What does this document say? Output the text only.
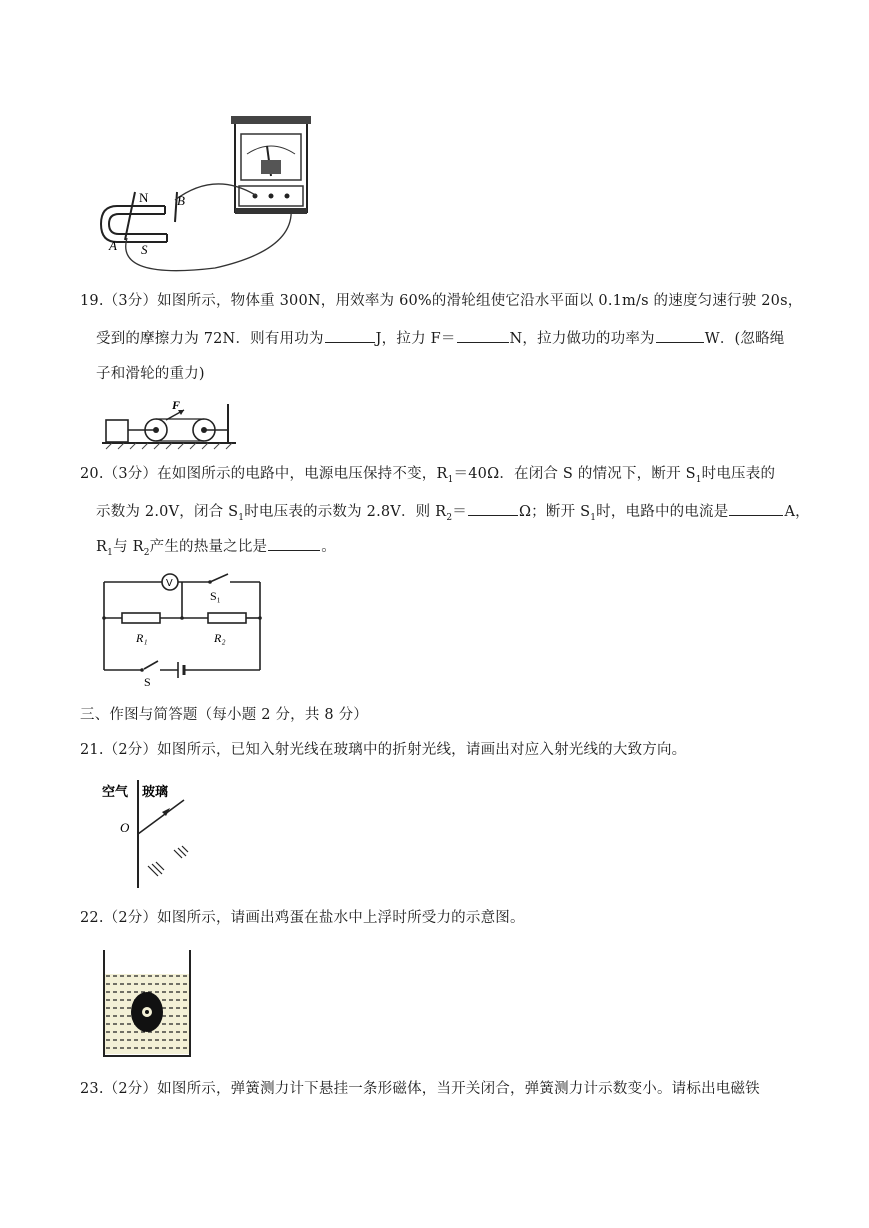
N B
A S
19.（3分）如图所示，物体重 300N，用效率为 60%的滑轮组使它沿水平面以 0.1m/s 的速度匀速行驶 20s，
受到的摩擦力为 72N．则有用功为	J，拉力 F＝	N，拉力做功的功率为	W．(忽略绳
子和滑轮的重力)
F
20.（3分）在如图所示的电路中，电源电压保持不变，$R_1=40\Omega$．在闭合 S 的情况下，断开 $S_1$时电压表的
示数为 2.0V，闭合 $S_1$时电压表的示数为 2.8V．则 $R_2=$	Ω；断开 $S_1$时，电路中的电流是	A，
$R_1$与 $R_2$产生的热量之比是	。
V
S₁
R₁	R₂
S
三、作图与简答题（每小题 2 分，共 8 分）
21.（2分）如图所示，已知入射光线在玻璃中的折射光线，请画出对应入射光线的大致方向。
空气 玻璃
O
22.（2分）如图所示，请画出鸡蛋在盐水中上浮时所受力的示意图。
23.（2分）如图所示，弹簧测力计下悬挂一条形磁体，当开关闭合，弹簧测力计示数变小。请标出电磁铁
